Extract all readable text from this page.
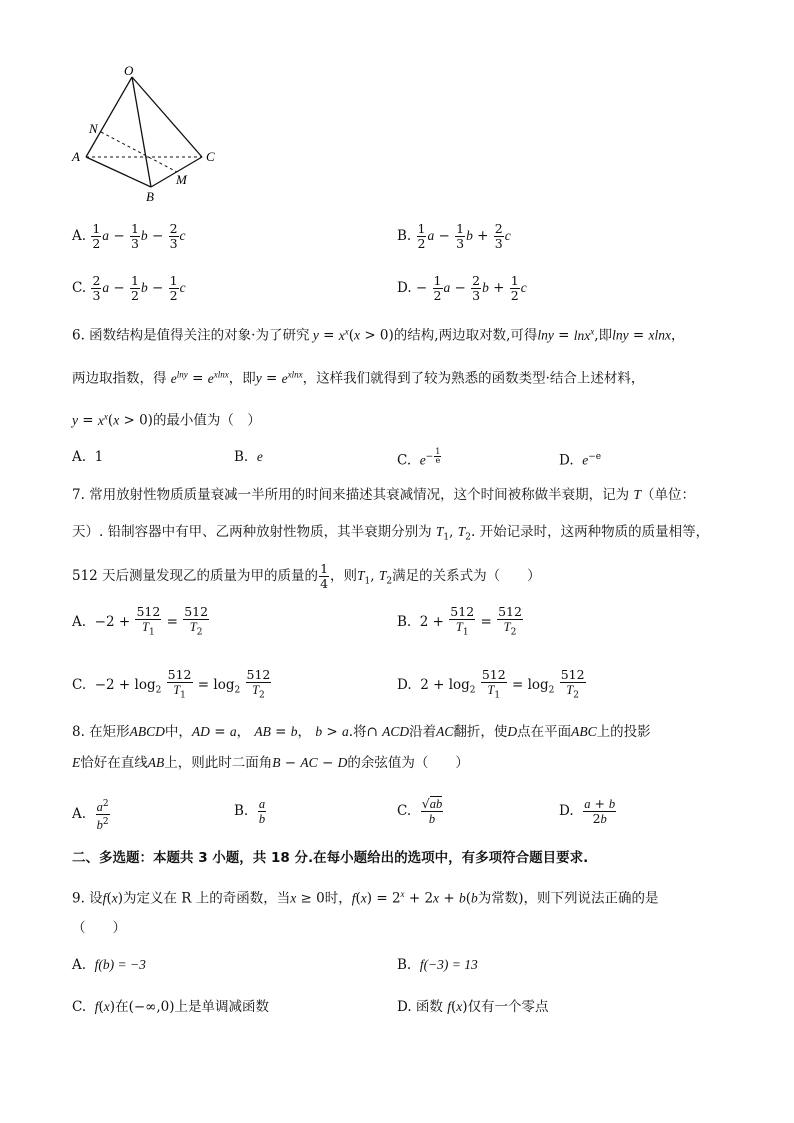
O
N
A	C
M
B
A. $\frac{1}{2}$ $a - \frac{1}{3}$ $b - \frac{2}{3}$ c	B. $\frac{1}{2}$ $a - \frac{1}{3}$ $b + \frac{2}{3}$ c
C. $\frac{2}{3}$ $a - \frac{1}{2}$ $b - \frac{1}{2}$ c	D. − $\frac{1}{2}$ $a - \frac{2}{3}$ $b + \frac{1}{2}$ c
6. 函数结构是值得关注的对象·为了研究 $y = x^x(x > 0)$的结构,两边取对数,可得lny = lnx$^x$,即lny = xlnx，
两边取指数，得 $e^{lny} = e^{xlnx}$，即$y = e^{xlnx}$，这样我们就得到了较为熟悉的函数类型·结合上述材料，
$y = x^x(x > 0)$的最小值为（　）
A. 1	B. e	C. $e^{- \frac{1}{e}}$	D. $e^{-e}$
7. 常用放射性物质质量衰减一半所用的时间来描述其衰减情况，这个时间被称做半衰期，记为 T（单位：
天）. 铅制容器中有甲、乙两种放射性物质，其半衰期分别为 $T_1$, $T_2$. 开始记录时，这两种物质的质量相等，
512 天后测量发现乙的质量为甲的质量的 $\frac{1}{4}$ ，则$T_1$, $T_2$满足的关系式为（　　）
A.  $-2 + \frac{512}{T_1} = \frac{512}{T_2}$	B.  $2 + \frac{512}{T_1} = \frac{512}{T_2}$
C.  $-2 + \log_2 \frac{512}{T_1} = \log_2 \frac{512}{T_2}$	D.  $2 + \log_2 \frac{512}{T_1} = \log_2 \frac{512}{T_2}$
8. 在矩形ABCD中，AD = a， AB = b， b > a.将∩ ACD沿着AC翻折，使D点在平面ABC上的投影
E恰好在直线AB上，则此时二面角B − AC − D的余弦值为（　　）
A. $\frac{a^2}{b^2}$	B. $\frac{a}{b}$	C. $\frac{√ab}{b}$	D. $\frac{a + b}{2b}$
二、多选题：本题共 3 小题，共 18 分.在每小题给出的选项中，有多项符合题目要求.
9. 设f(x)为定义在 R 上的奇函数，当x ≥ 0时，$f(x) = 2^x + 2x + b(b$为常数)，则下列说法正确的是
（　　）
A. f(b) = −3	B. f(−3) = 13
C. f(x)在(−∞,0)上是单调减函数	D. 函数 f(x)仅有一个零点
